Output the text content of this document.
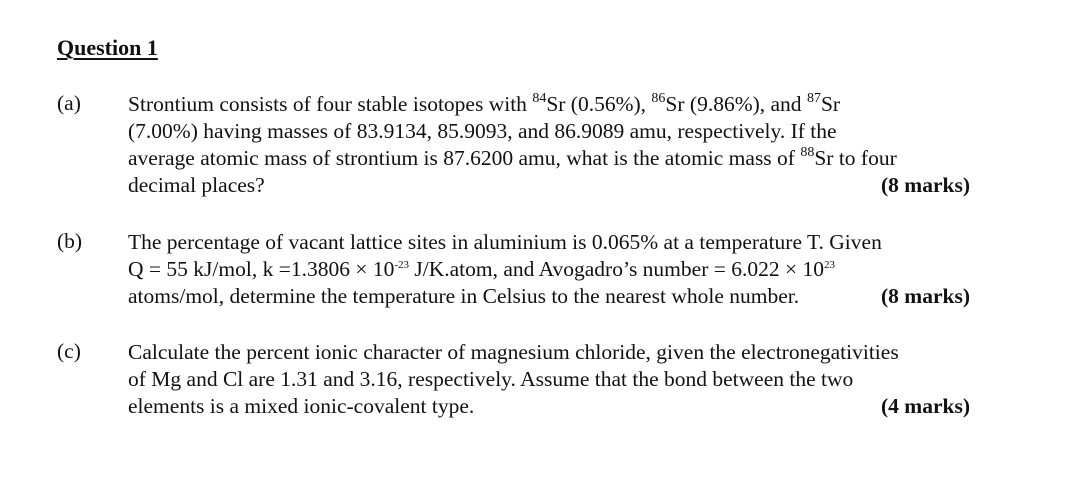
Question 1
(a) Strontium consists of four stable isotopes with $^{84}$Sr (0.56%), $^{86}$Sr (9.86%), and $^{87}$Sr
(7.00%) having masses of 83.9134, 85.9093, and 86.9089 amu, respectively. If the
average atomic mass of strontium is 87.6200 amu, what is the atomic mass of $^{88}$Sr to four
decimal places?	(8 marks)
(b) The percentage of vacant lattice sites in aluminium is 0.065% at a temperature T. Given
Q = 55 kJ/mol, $k =1.3806 \times 10^{-23}$ J/K.atom, and Avogadro’s number = $6.022 \times 10^{23}$
atoms/mol, determine the temperature in Celsius to the nearest whole number.	(8 marks)
(c) Calculate the percent ionic character of magnesium chloride, given the electronegativities
of Mg and Cl are 1.31 and 3.16, respectively. Assume that the bond between the two
elements is a mixed ionic-covalent type.	(4 marks)
